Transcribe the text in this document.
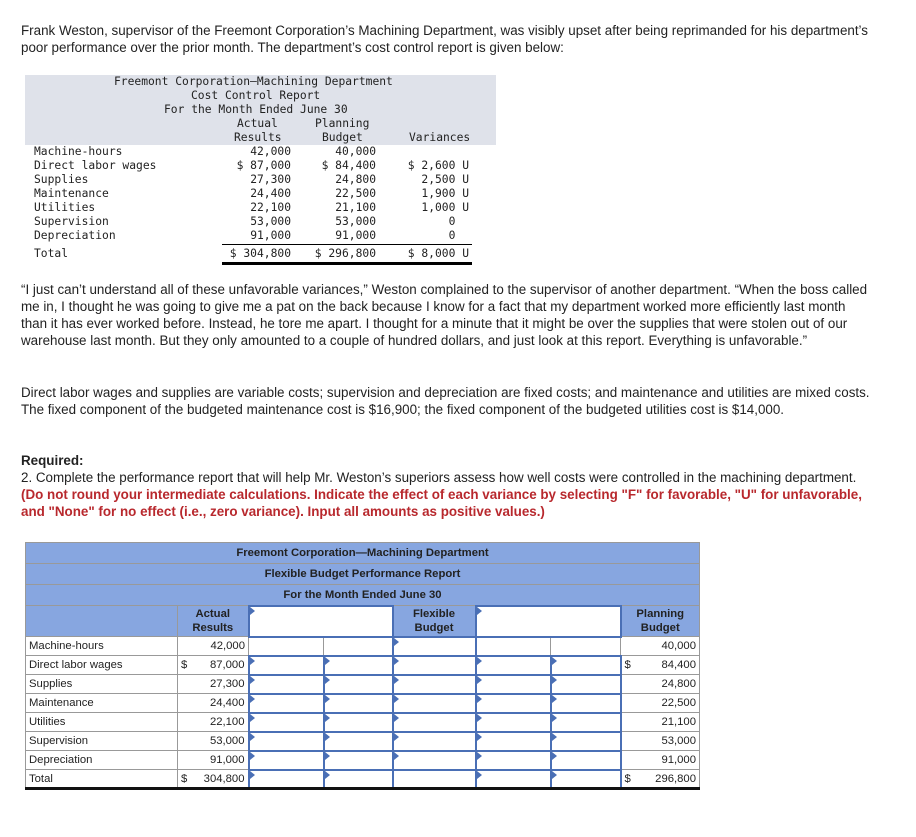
Frank Weston, supervisor of the Freemont Corporation’s Machining Department, was visibly upset after being reprimanded for his department’s poor performance over the prior month. The department’s cost control report is given below:

Freemont Corporation—Machining Department
Cost Control Report
For the Month Ended June 30
Actual
Results
Planning
Budget	Variances
Machine-hours	42,000	40,000
Direct labor wages	$ 87,000	$ 84,400	$ 2,600 U
Supplies	27,300	24,800	2,500 U
Maintenance	24,400	22,500	1,900 U
Utilities	22,100	21,100	1,000 U
Supervision	53,000	53,000	0
Depreciation	91,000	91,000	0
Total	$ 304,800 $ 296,800	$ 8,000 U

“I just can’t understand all of these unfavorable variances,” Weston complained to the supervisor of another department. “When the boss called me in, I thought he was going to give me a pat on the back because I know for a fact that my department worked more efficiently last month than it has ever worked before. Instead, he tore me apart. I thought for a minute that it might be over the supplies that were stolen out of our warehouse last month. But they only amounted to a couple of hundred dollars, and just look at this report. Everything is unfavorable.”

Direct labor wages and supplies are variable costs; supervision and depreciation are fixed costs; and maintenance and utilities are mixed costs. The fixed component of the budgeted maintenance cost is $16,900; the fixed component of the budgeted utilities cost is $14,000.

Required:
2. Complete the performance report that will help Mr. Weston’s superiors assess how well costs were controlled in the machining department. (Do not round your intermediate calculations. Indicate the effect of each variance by selecting "F" for favorable, "U" for unfavorable, and "None" for no effect (i.e., zero variance). Input all amounts as positive values.)

Freemont Corporation—Machining Department							
Flexible Budget Performance Report							
For the Month Ended June 30							
	Actual
Results			Flexible
Budget			Planning
Budget
Machine-hours	42,000						40,000
Direct labor wages	$ 87,000						$ 84,400
Supplies	27,300						24,800
Maintenance	24,400						22,500
Utilities	22,100						21,100
Supervision	53,000						53,000
Depreciation	91,000						91,000
Total	$ 304,800						$ 296,800
